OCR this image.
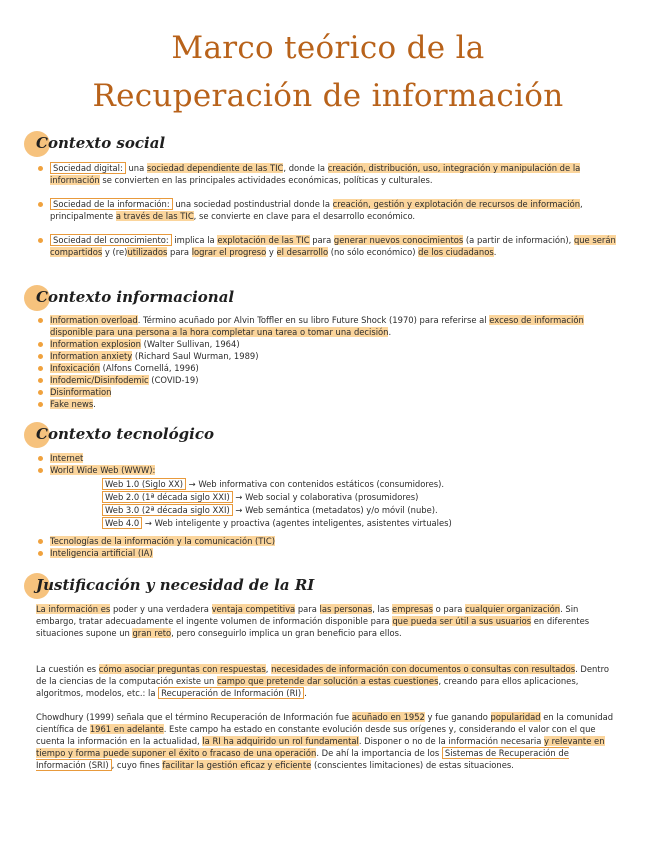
Marco teórico de la
Recuperación de información
Contexto social
Sociedad digital: una sociedad dependiente de las TIC, donde la creación, distribución, uso, integración y manipulación de la información se convierten en las principales actividades económicas, políticas y culturales.
Sociedad de la información: una sociedad postindustrial donde la creación, gestión y explotación de recursos de información, principalmente a través de las TIC, se convierte en clave para el desarrollo económico.
Sociedad del conocimiento: implica la explotación de las TIC para generar nuevos conocimientos (a partir de información), que serán compartidos y (re)utilizados para lograr el progreso y el desarrollo (no sólo económico) de los ciudadanos.
Contexto informacional
Information overload. Término acuñado por Alvin Toffler en su libro Future Shock (1970) para referirse al exceso de información disponible para una persona a la hora completar una tarea o tomar una decisión.
Information explosion (Walter Sullivan, 1964)
Information anxiety (Richard Saul Wurman, 1989)
Infoxicación (Alfons Cornellá, 1996)
Infodemic/Disinfodemic (COVID-19)
Disinformation
Fake news.
Contexto tecnológico
Internet
World Wide Web (WWW):
Web 1.0 (Siglo XX) → Web informativa con contenidos estáticos (consumidores).
Web 2.0 (1ª década siglo XXI) → Web social y colaborativa (prosumidores)
Web 3.0 (2ª década siglo XXI) → Web semántica (metadatos) y/o móvil (nube).
Web 4.0 → Web inteligente y proactiva (agentes inteligentes, asistentes virtuales)
Tecnologías de la información y la comunicación (TIC)
Inteligencia artificial (IA)
Justificación y necesidad de la RI

La información es poder y una verdadera ventaja competitiva para las personas, las empresas o para cualquier organización. Sin embargo, tratar adecuadamente el ingente volumen de información disponible para que pueda ser útil a sus usuarios en diferentes situaciones supone un gran reto, pero conseguirlo implica un gran beneficio para ellos.

La cuestión es cómo asociar preguntas con respuestas, necesidades de información con documentos o consultas con resultados. Dentro de la ciencias de la computación existe un campo que pretende dar solución a estas cuestiones, creando para ellos aplicaciones, algoritmos, modelos, etc.: la Recuperación de Información (RI) .

Chowdhury (1999) señala que el término Recuperación de Información fue acuñado en 1952 y fue ganando popularidad en la comunidad científica de 1961 en adelante. Este campo ha estado en constante evolución desde sus orígenes y, considerando el valor con el que cuenta la información en la actualidad, la RI ha adquirido un rol fundamental. Disponer o no de la información necesaria y relevante en tiempo y forma puede suponer el éxito o fracaso de una operación. De ahí la importancia de los Sistemas de Recuperación de Información (SRI) , cuyo fines facilitar la gestión eficaz y eficiente (conscientes limitaciones) de estas situaciones.
